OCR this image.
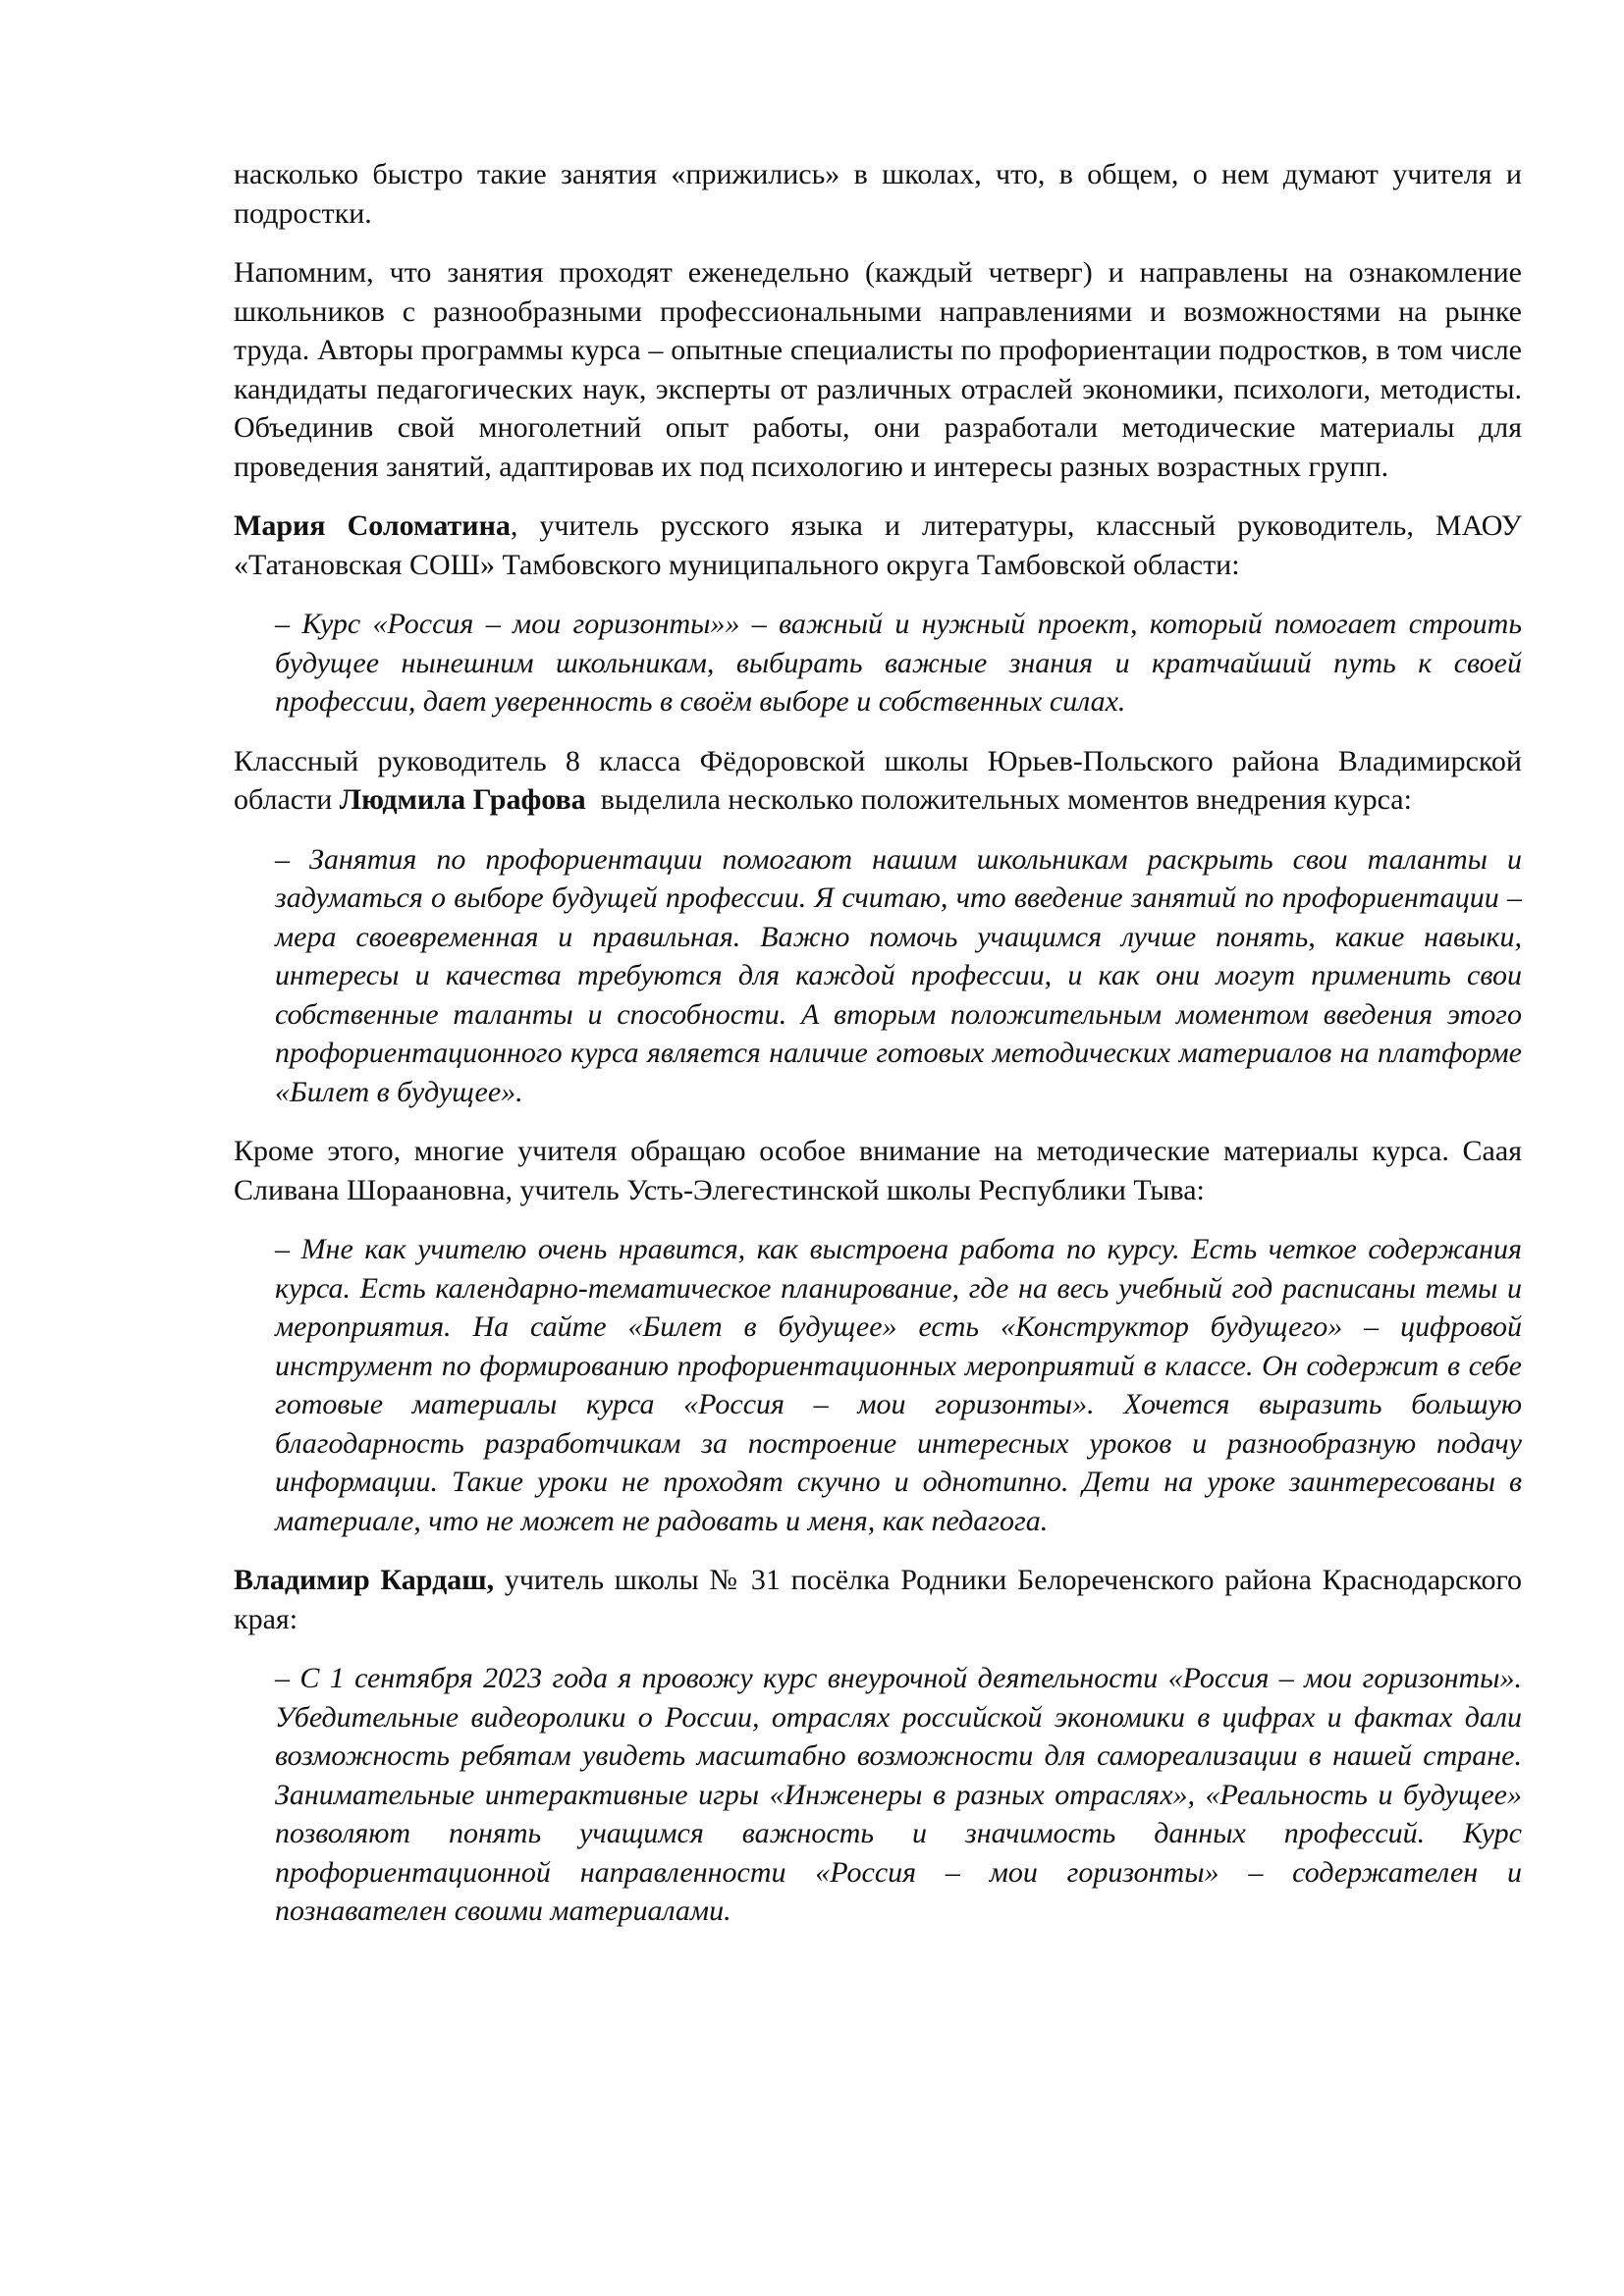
насколько быстро такие занятия «прижились» в школах, что, в общем, о нем думают учителя и подростки.

Напомним, что занятия проходят еженедельно (каждый четверг) и направлены на ознакомление школьников с разнообразными профессиональными направлениями и возможностями на рынке труда. Авторы программы курса – опытные специалисты по профориентации подростков, в том числе кандидаты педагогических наук, эксперты от различных отраслей экономики, психологи, методисты. Объединив свой многолетний опыт работы, они разработали методические материалы для проведения занятий, адаптировав их под психологию и интересы разных возрастных групп.

Мария Соломатина, учитель русского языка и литературы, классный руководитель, МАОУ «Татановская СОШ» Тамбовского муниципального округа Тамбовской области:

– Курс «Россия – мои горизонты»» – важный и нужный проект, который помогает строить будущее нынешним школьникам, выбирать важные знания и кратчайший путь к своей профессии, дает уверенность в своём выборе и собственных силах.

Классный руководитель 8 класса Фёдоровской школы Юрьев-Польского района Владимирской области Людмила Графова  выделила несколько положительных моментов внедрения курса:

– Занятия по профориентации помогают нашим школьникам раскрыть свои таланты и задуматься о выборе будущей профессии. Я считаю, что введение занятий по профориентации – мера своевременная и правильная. Важно помочь учащимся лучше понять, какие навыки, интересы и качества требуются для каждой профессии, и как они могут применить свои собственные таланты и способности. А вторым положительным моментом введения этого профориентационного курса является наличие готовых методических материалов на платформе «Билет в будущее».

Кроме этого, многие учителя обращаю особое внимание на методические материалы курса. Саая Сливана Шораановна, учитель Усть-Элегестинской школы Республики Тыва:

– Мне как учителю очень нравится, как выстроена работа по курсу. Есть четкое содержания курса. Есть календарно-тематическое планирование, где на весь учебный год расписаны темы и мероприятия. На сайте «Билет в будущее» есть «Конструктор будущего» – цифровой инструмент по формированию профориентационных мероприятий в классе. Он содержит в себе готовые материалы курса «Россия – мои горизонты». Хочется выразить большую благодарность разработчикам за построение интересных уроков и разнообразную подачу информации. Такие уроки не проходят скучно и однотипно. Дети на уроке заинтересованы в материале, что не может не радовать и меня, как педагога.

Владимир Кардаш, учитель школы № 31 посёлка Родники Белореченского района Краснодарского края:

– С 1 сентября 2023 года я провожу курс внеурочной деятельности «Россия – мои горизонты». Убедительные видеоролики о России, отраслях российской экономики в цифрах и фактах дали возможность ребятам увидеть масштабно возможности для самореализации в нашей стране. Занимательные интерактивные игры «Инженеры в разных отраслях», «Реальность и будущее» позволяют понять учащимся важность и значимость данных профессий. Курс профориентационной направленности «Россия – мои горизонты» – содержателен и познавателен своими материалами.
